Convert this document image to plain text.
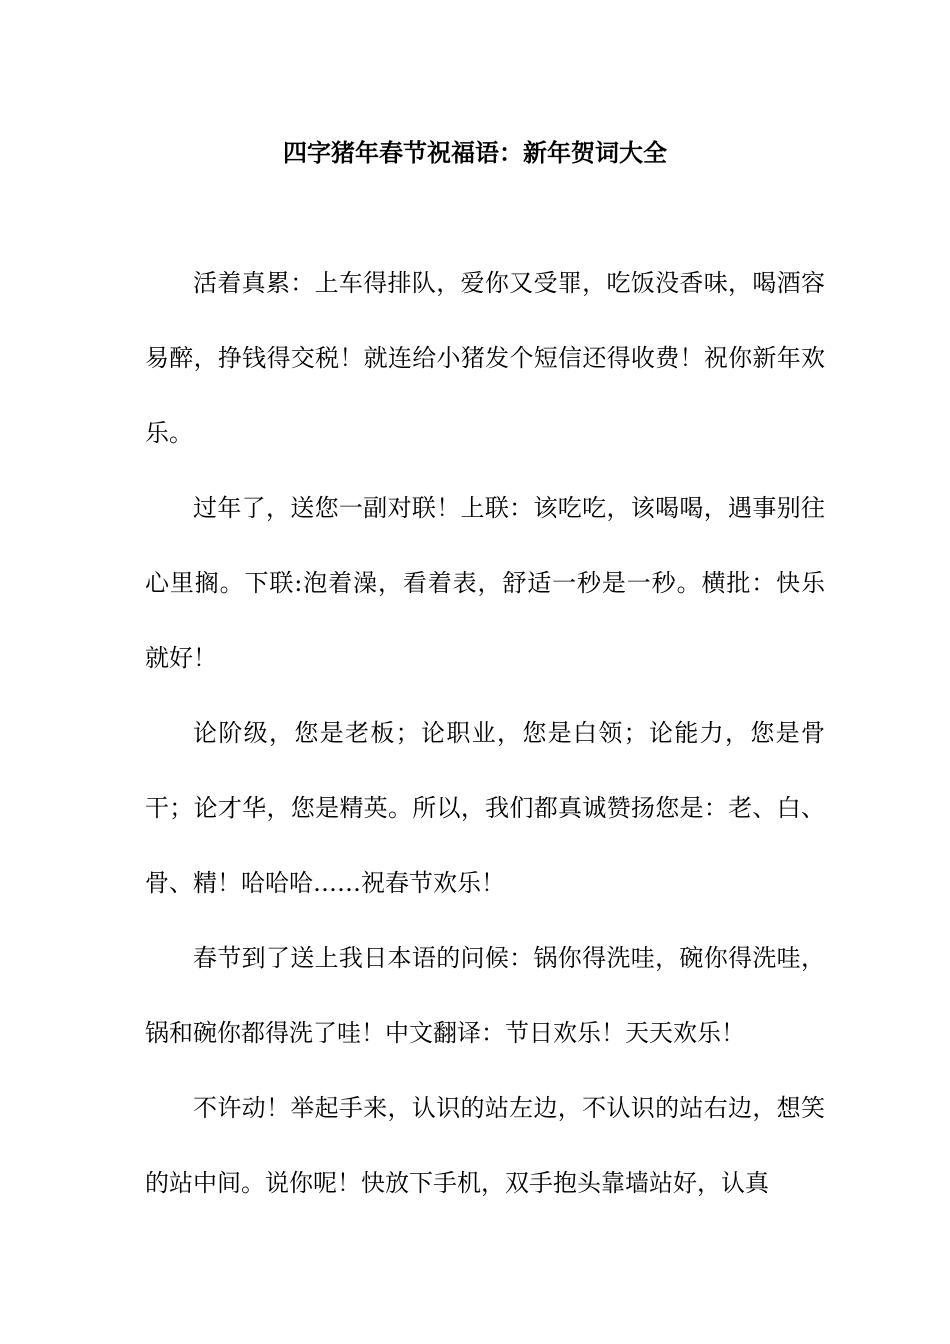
四字猪年春节祝福语：新年贺词大全

活着真累：上车得排队，爱你又受罪，吃饭没香味，喝酒容易醉，挣钱得交税！就连给小猪发个短信还得收费！祝你新年欢乐。

过年了，送您一副对联！上联：该吃吃，该喝喝，遇事别往心里搁。下联:泡着澡，看着表，舒适一秒是一秒。横批：快乐就好！

论阶级，您是老板；论职业，您是白领；论能力，您是骨干；论才华，您是精英。所以，我们都真诚赞扬您是：老、白、骨、精！哈哈哈……祝春节欢乐！

春节到了送上我日本语的问候：锅你得洗哇，碗你得洗哇，锅和碗你都得洗了哇！中文翻译：节日欢乐！天天欢乐！

不许动！举起手来，认识的站左边，不认识的站右边，想笑的站中间。说你呢！快放下手机，双手抱头靠墙站好，认真
